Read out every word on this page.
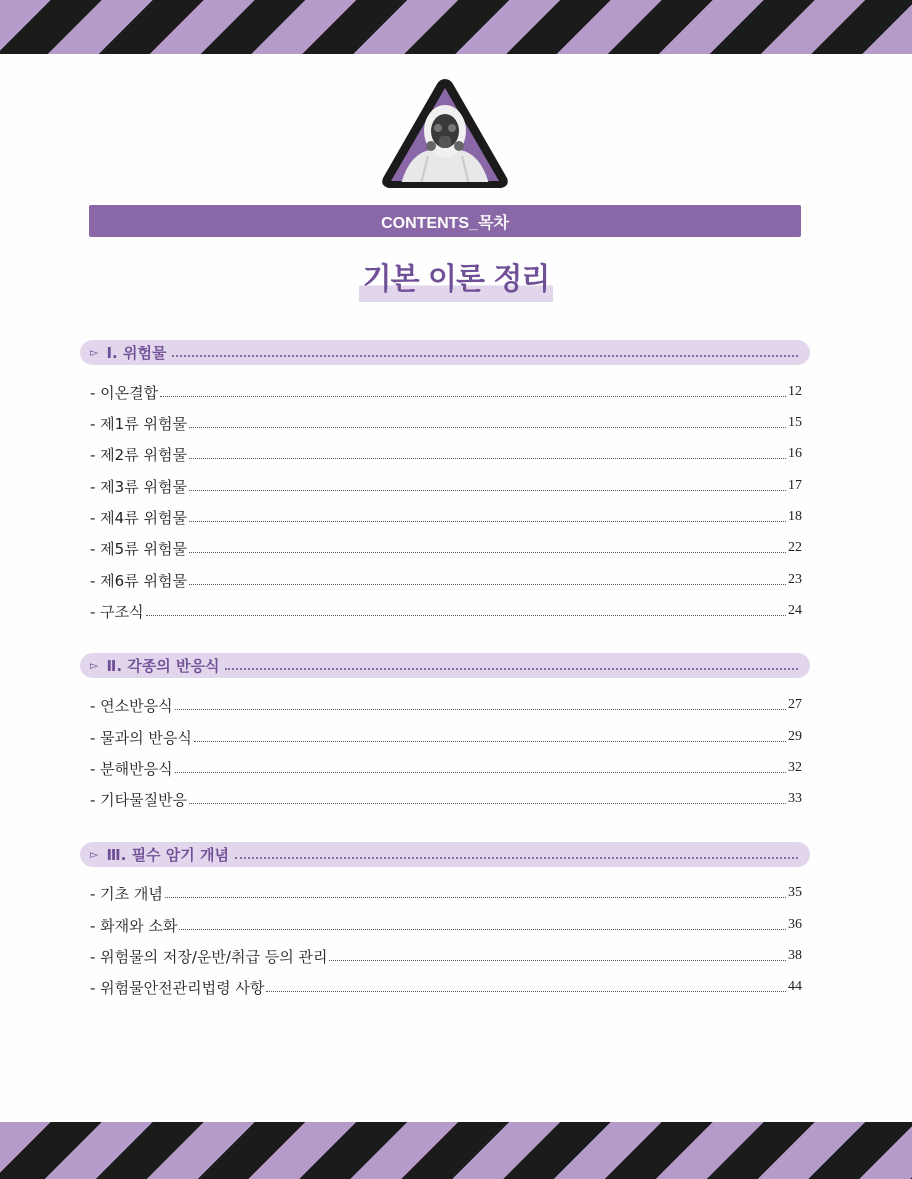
CONTENTS_목차
기본 이론 정리
▻ Ⅰ. 위험물
- 이온결합	12
- 제1류 위험물	15
- 제2류 위험물	16
- 제3류 위험물	17
- 제4류 위험물	18
- 제5류 위험물	22
- 제6류 위험물	23
- 구조식	24
▻ Ⅱ. 각종의 반응식
- 연소반응식	27
- 물과의 반응식	29
- 분해반응식	32
- 기타물질반응	33
▻ Ⅲ. 필수 암기 개념
- 기초 개념	35
- 화재와 소화	36
- 위험물의 저장/운반/취급 등의 관리	38
- 위험물안전관리법령 사항	44
